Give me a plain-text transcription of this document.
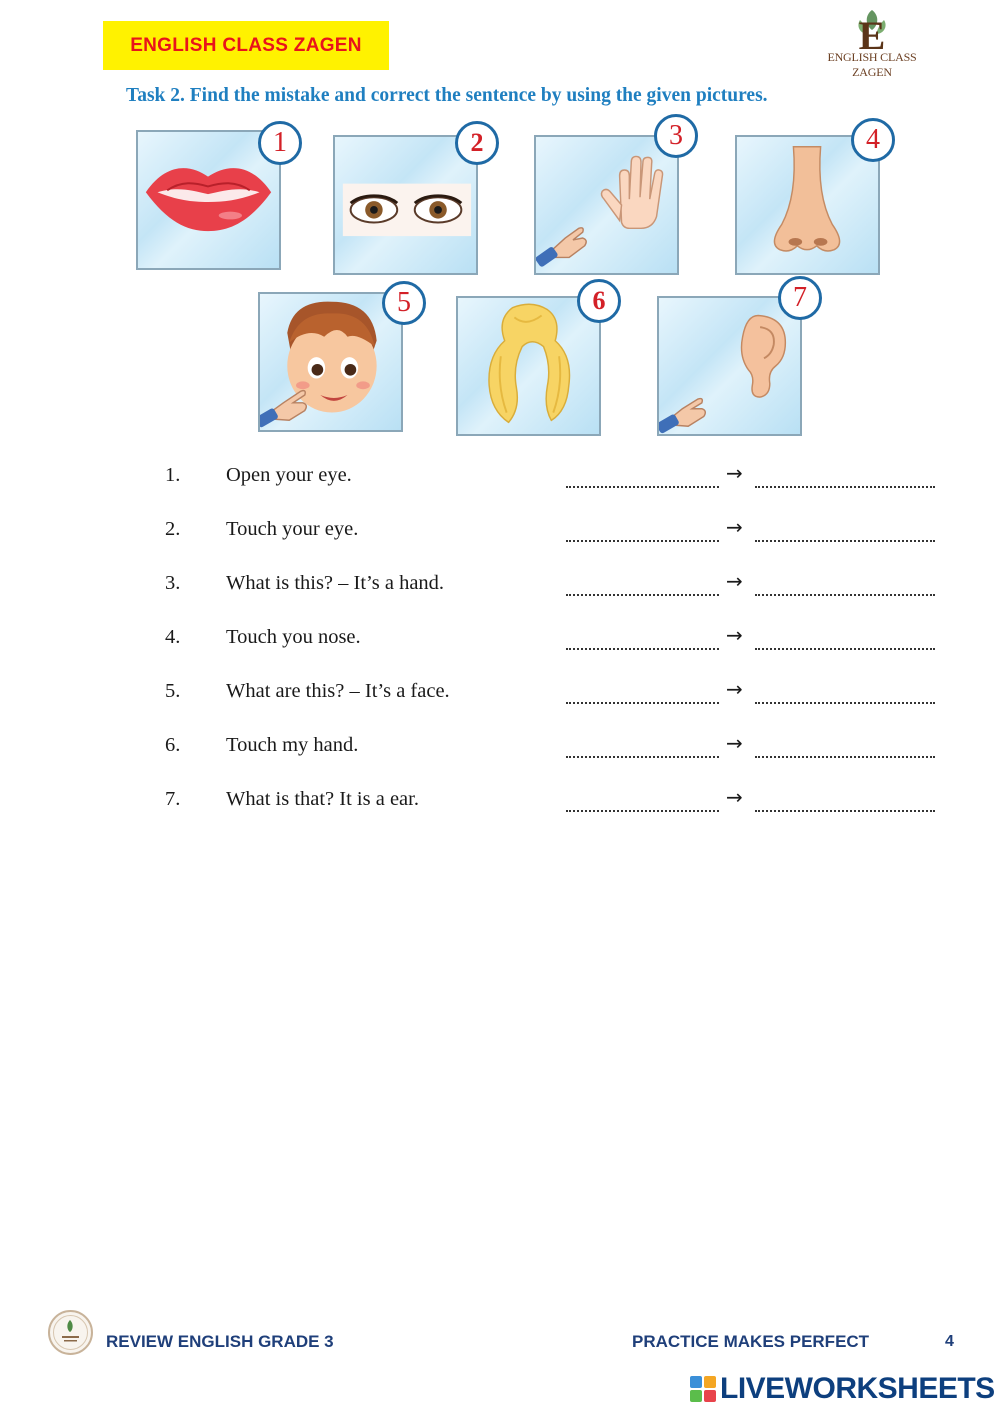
ENGLISH CLASS ZAGEN	E
ENGLISH CLASS ZAGEN
Task 2. Find the mistake and correct the sentence by using the given pictures.
1	2	3	4
5	6	7
1. Open your eye.	→
2. Touch your eye.	→
3. What is this? – It’s a hand.	→
4. Touch you nose.	→
5. What are this? – It’s a face.	→
6. Touch my hand.	→
7. What is that? It is a ear.	→
REVIEW ENGLISH GRADE 3	PRACTICE MAKES PERFECT	4
LIVEWORKSHEETS
